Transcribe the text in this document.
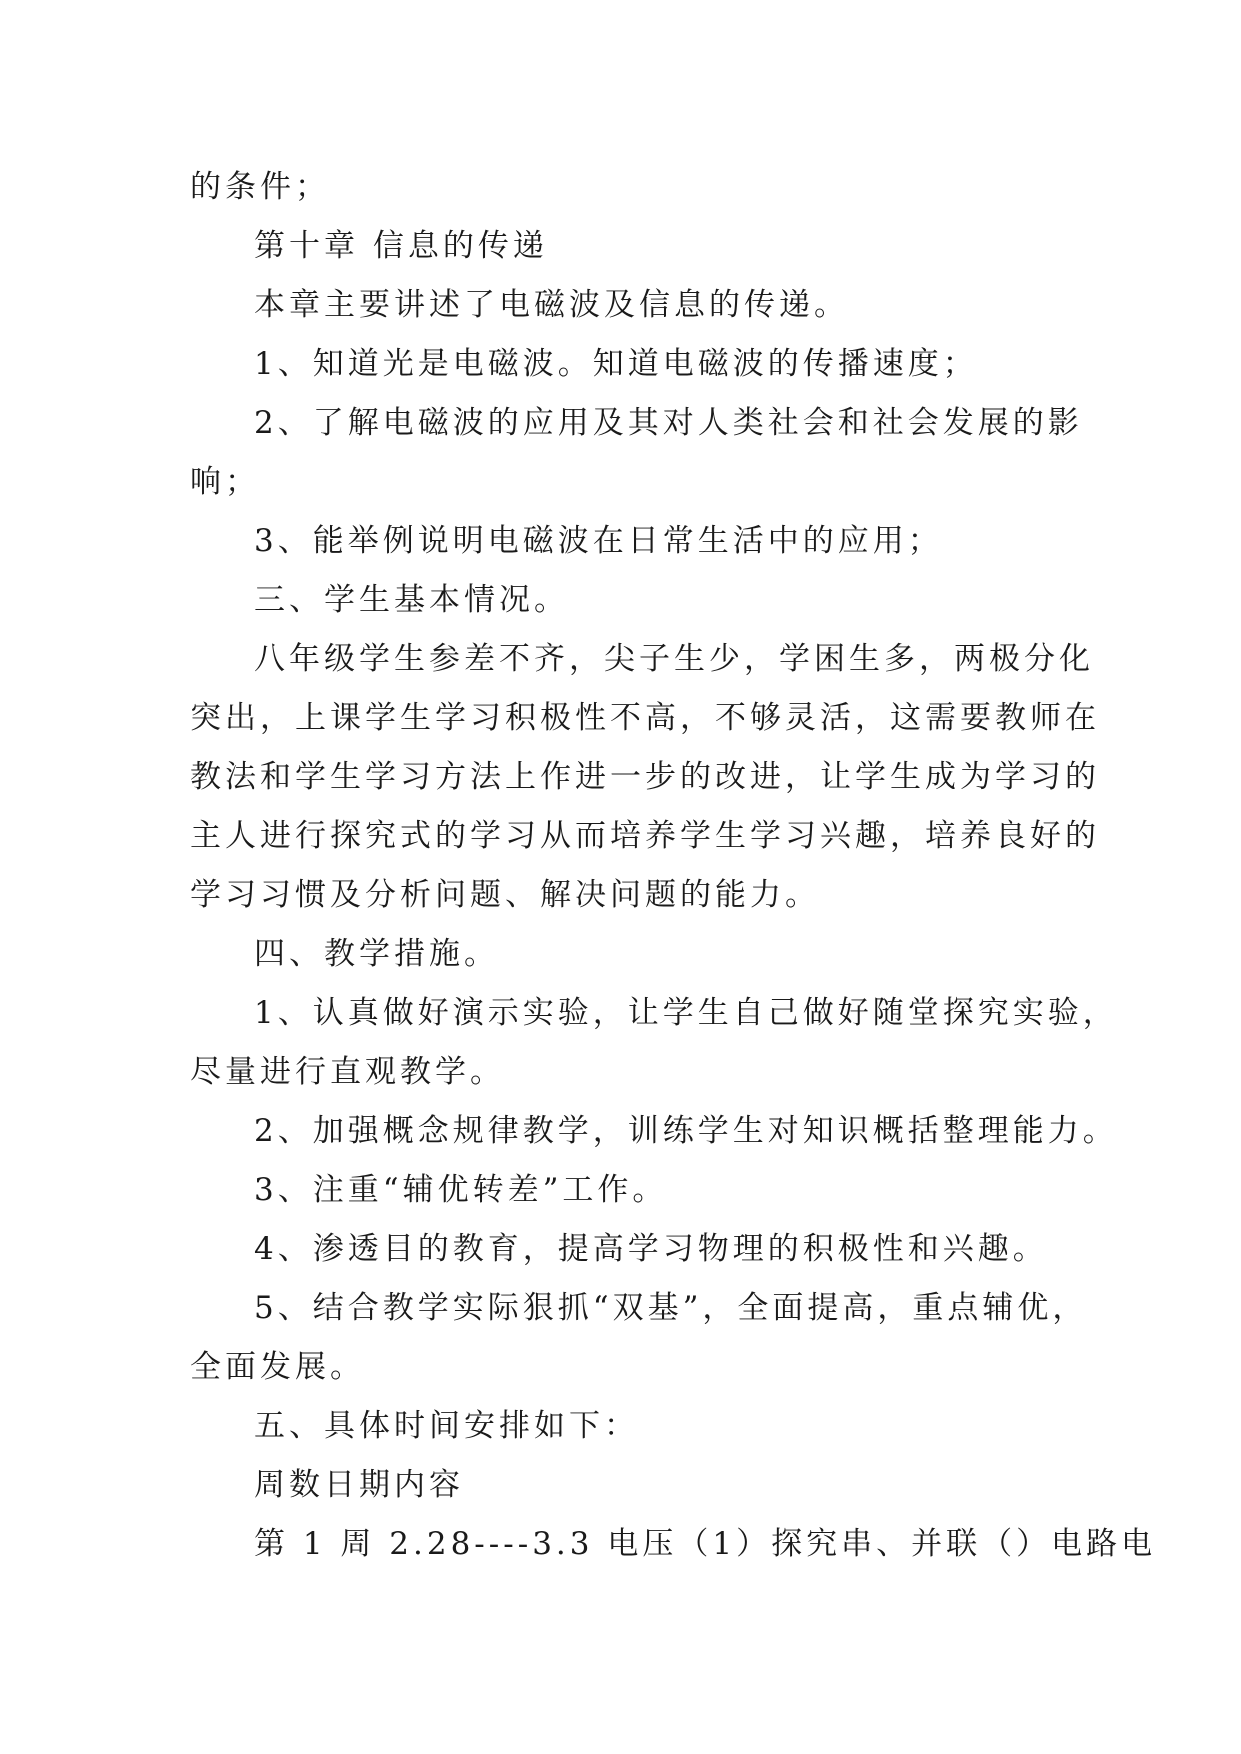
的条件；

第十章 信息的传递

本章主要讲述了电磁波及信息的传递。

1、知道光是电磁波。知道电磁波的传播速度；

2、了解电磁波的应用及其对人类社会和社会发展的影

响；

3、能举例说明电磁波在日常生活中的应用；

三、学生基本情况。

八年级学生参差不齐，尖子生少，学困生多，两极分化

突出，上课学生学习积极性不高，不够灵活，这需要教师在

教法和学生学习方法上作进一步的改进，让学生成为学习的

主人进行探究式的学习从而培养学生学习兴趣，培养良好的

学习习惯及分析问题、解决问题的能力。

四、教学措施。

1、认真做好演示实验，让学生自己做好随堂探究实验，

尽量进行直观教学。

2、加强概念规律教学，训练学生对知识概括整理能力。

3、注重“辅优转差”工作。

4、渗透目的教育，提高学习物理的积极性和兴趣。

5、结合教学实际狠抓“双基”，全面提高，重点辅优，

全面发展。

五、具体时间安排如下：

周数日期内容

第 1 周 2.28----3.3 电压（1）探究串、并联（）电路电
